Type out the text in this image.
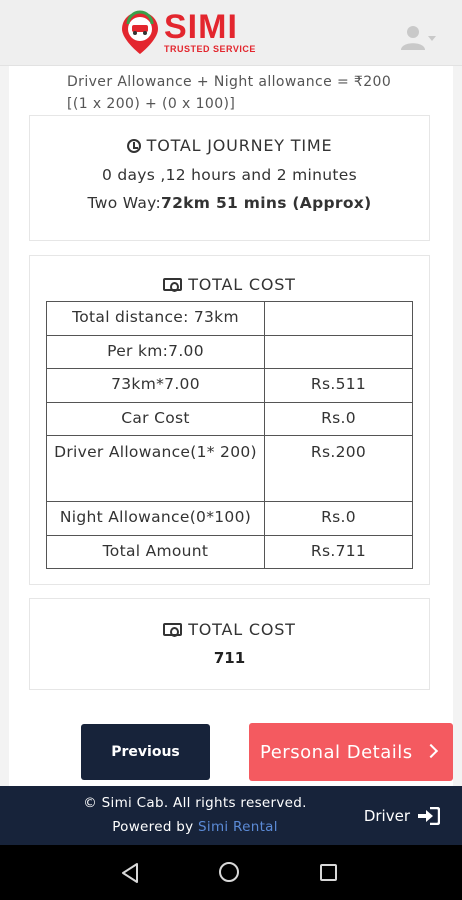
SIMI
TRUSTED SERVICE
Driver Allowance + Night allowance = ₹200 [(1 x 200) + (0 x 100)]
TOTAL JOURNEY TIME
0 days ,12 hours and 2 minutes
Two Way:72km 51 mins (Approx)
TOTAL COST
Total distance: 73km	
Per km:7.00	
73km*7.00	Rs.511
Car Cost	Rs.0
Driver Allowance(1* 200)	Rs.200
Night Allowance(0*100)	Rs.0
Total Amount	Rs.711
TOTAL COST
711
Previous	Personal Details
© Simi Cab. All rights reserved.
Powered by Simi Rental
Driver
